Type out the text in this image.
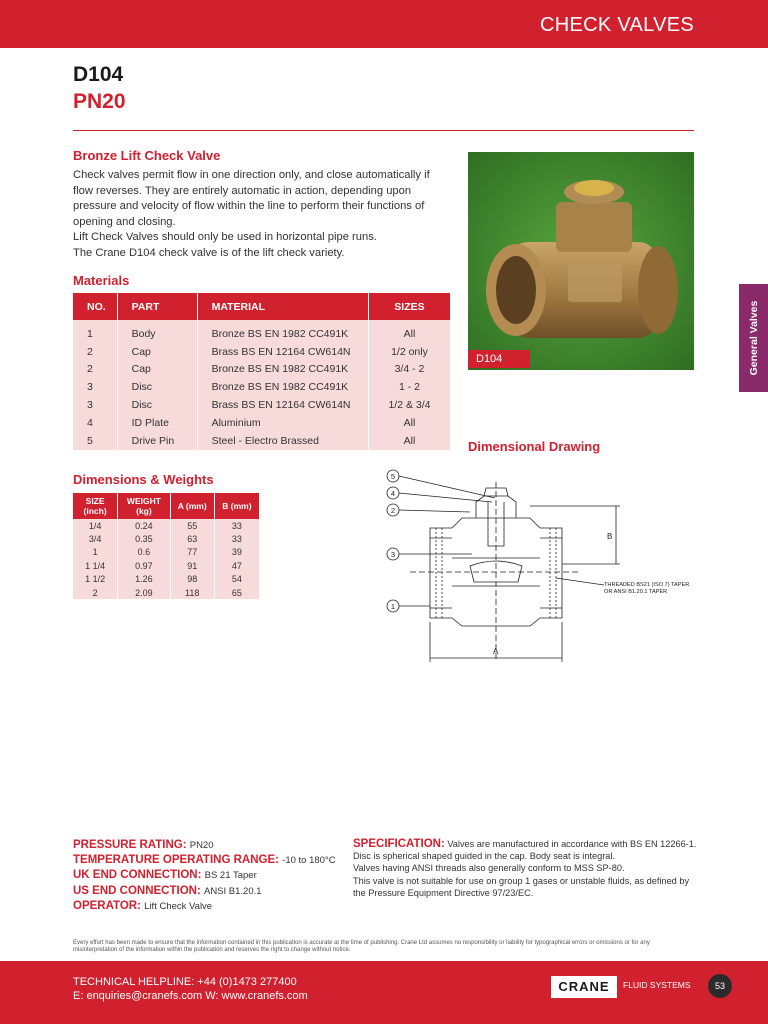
CHECK VALVES
D104
PN20
Bronze Lift Check Valve

Check valves permit flow in one direction only, and close automatically if flow reverses. They are entirely automatic in action, depending upon pressure and velocity of flow within the line to perform their functions of opening and closing.

Lift Check Valves should only be used in horizontal pipe runs.

The Crane D104 check valve is of the lift check variety.

D104	General Valves
Materials
NO.	PART	MATERIAL	SIZES
1	Body	Bronze BS EN 1982 CC491K	All
2	Cap	Brass BS EN 12164 CW614N	1/2 only
2	Cap	Bronze BS EN 1982 CC491K	3/4 - 2
3	Disc	Bronze BS EN 1982 CC491K	1 - 2
3	Disc	Brass BS EN 12164 CW614N	1/2 & 3/4
4	ID Plate	Aluminium	All
5	Drive Pin	Steel - Electro Brassed	All	Dimensional Drawing
Dimensions & Weights
SIZE (inch)	WEIGHT (kg)	A (mm)	B (mm)
1/4	0.24	55	33
3/4	0.35	63	33
1	0.6	77	39
1 1/4	0.97	91	47
1 1/2	1.26	98	54
2	2.09	118	65
5
4
2
3
1
B
A
THREADED BS21 (ISO 7) TAPER
OR ANSI B1.20.1 TAPER
PRESSURE RATING: PN20
TEMPERATURE OPERATING RANGE: -10 to 180°C
UK END CONNECTION: BS 21 Taper
US END CONNECTION: ANSI B1.20.1
OPERATOR: Lift Check Valve

SPECIFICATION: Valves are manufactured in accordance with BS EN 12266-1.

Disc is spherical shaped guided in the cap. Body seat is integral.

Valves having ANSI threads also generally conform to MSS SP-80.

This valve is not suitable for use on group 1 gases or unstable fluids, as defined by the Pressure Equipment Directive 97/23/EC.

Every effort has been made to ensure that the information contained in this publication is accurate at the time of publishing. Crane Ltd assumes no responsibility or liability for typographical errors or omissions or for any misinterpretation of the information within the publication and reserves the right to change without notice.
TECHNICAL HELPLINE: +44 (0)1473 277400
E: enquiries@cranefs.com W: www.cranefs.com
CRANE	FLUID SYSTEMS	53
